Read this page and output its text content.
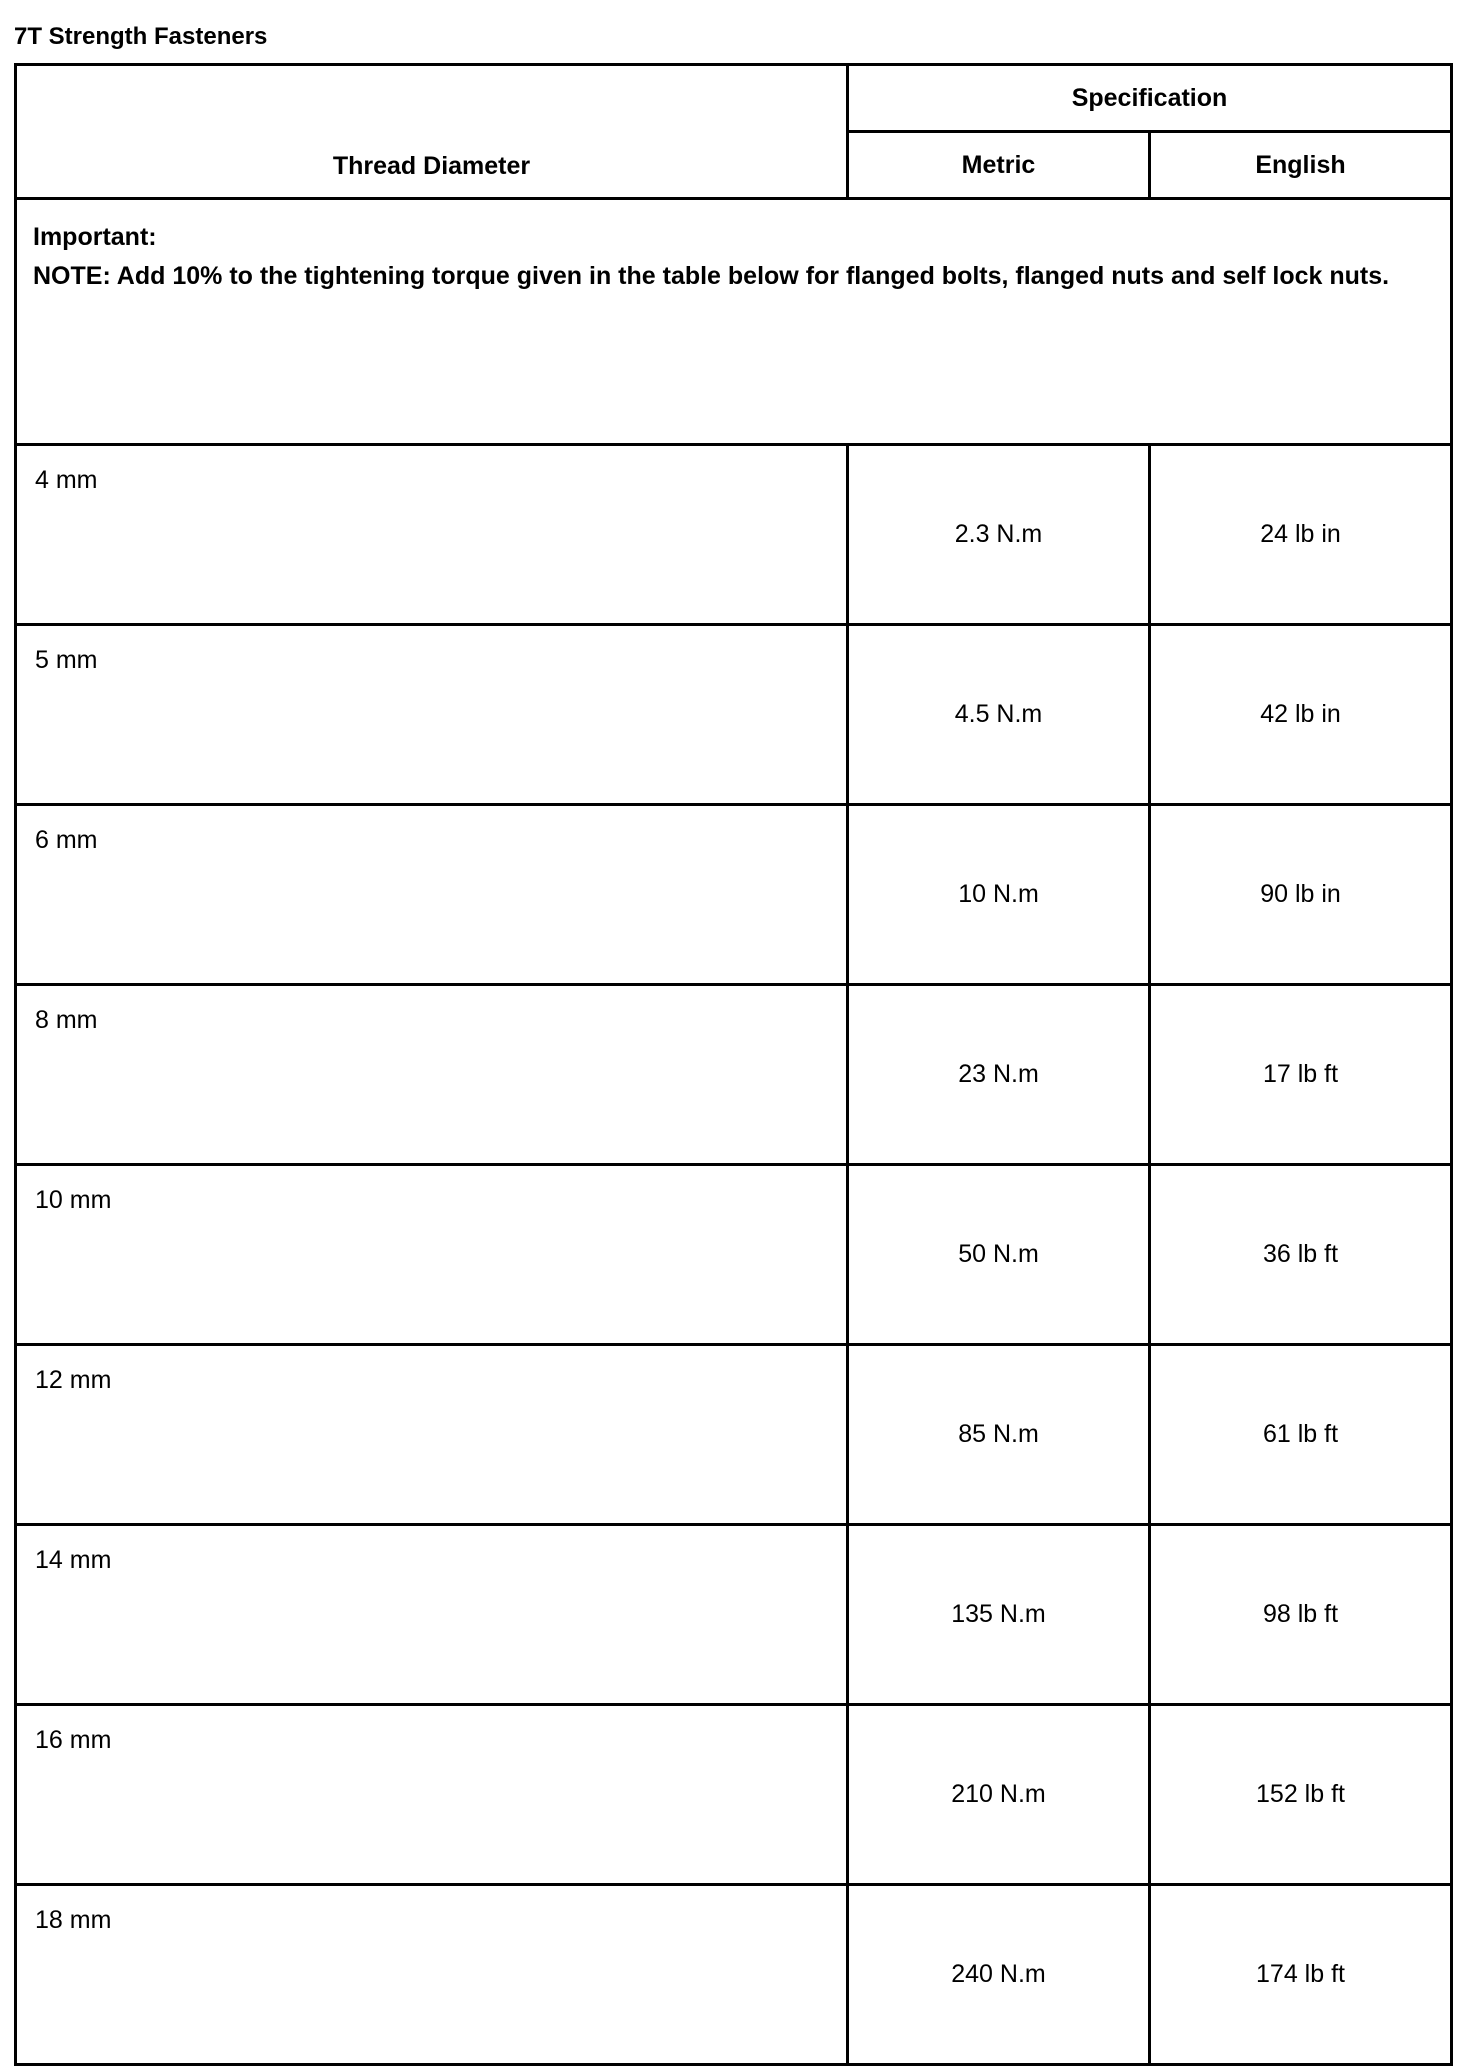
7T Strength Fasteners
Thread Diameter	Specification	
	Metric	English

Important:
NOTE: Add 10% to the tightening torque given in the table below for flanged bolts, flanged nuts and self lock nuts.		

4 mm	2.3 N.m	24 lb in
5 mm	4.5 N.m	42 lb in
6 mm	10 N.m	90 lb in
8 mm	23 N.m	17 lb ft
10 mm	50 N.m	36 lb ft
12 mm	85 N.m	61 lb ft
14 mm	135 N.m	98 lb ft
16 mm	210 N.m	152 lb ft
18 mm	240 N.m	174 lb ft
